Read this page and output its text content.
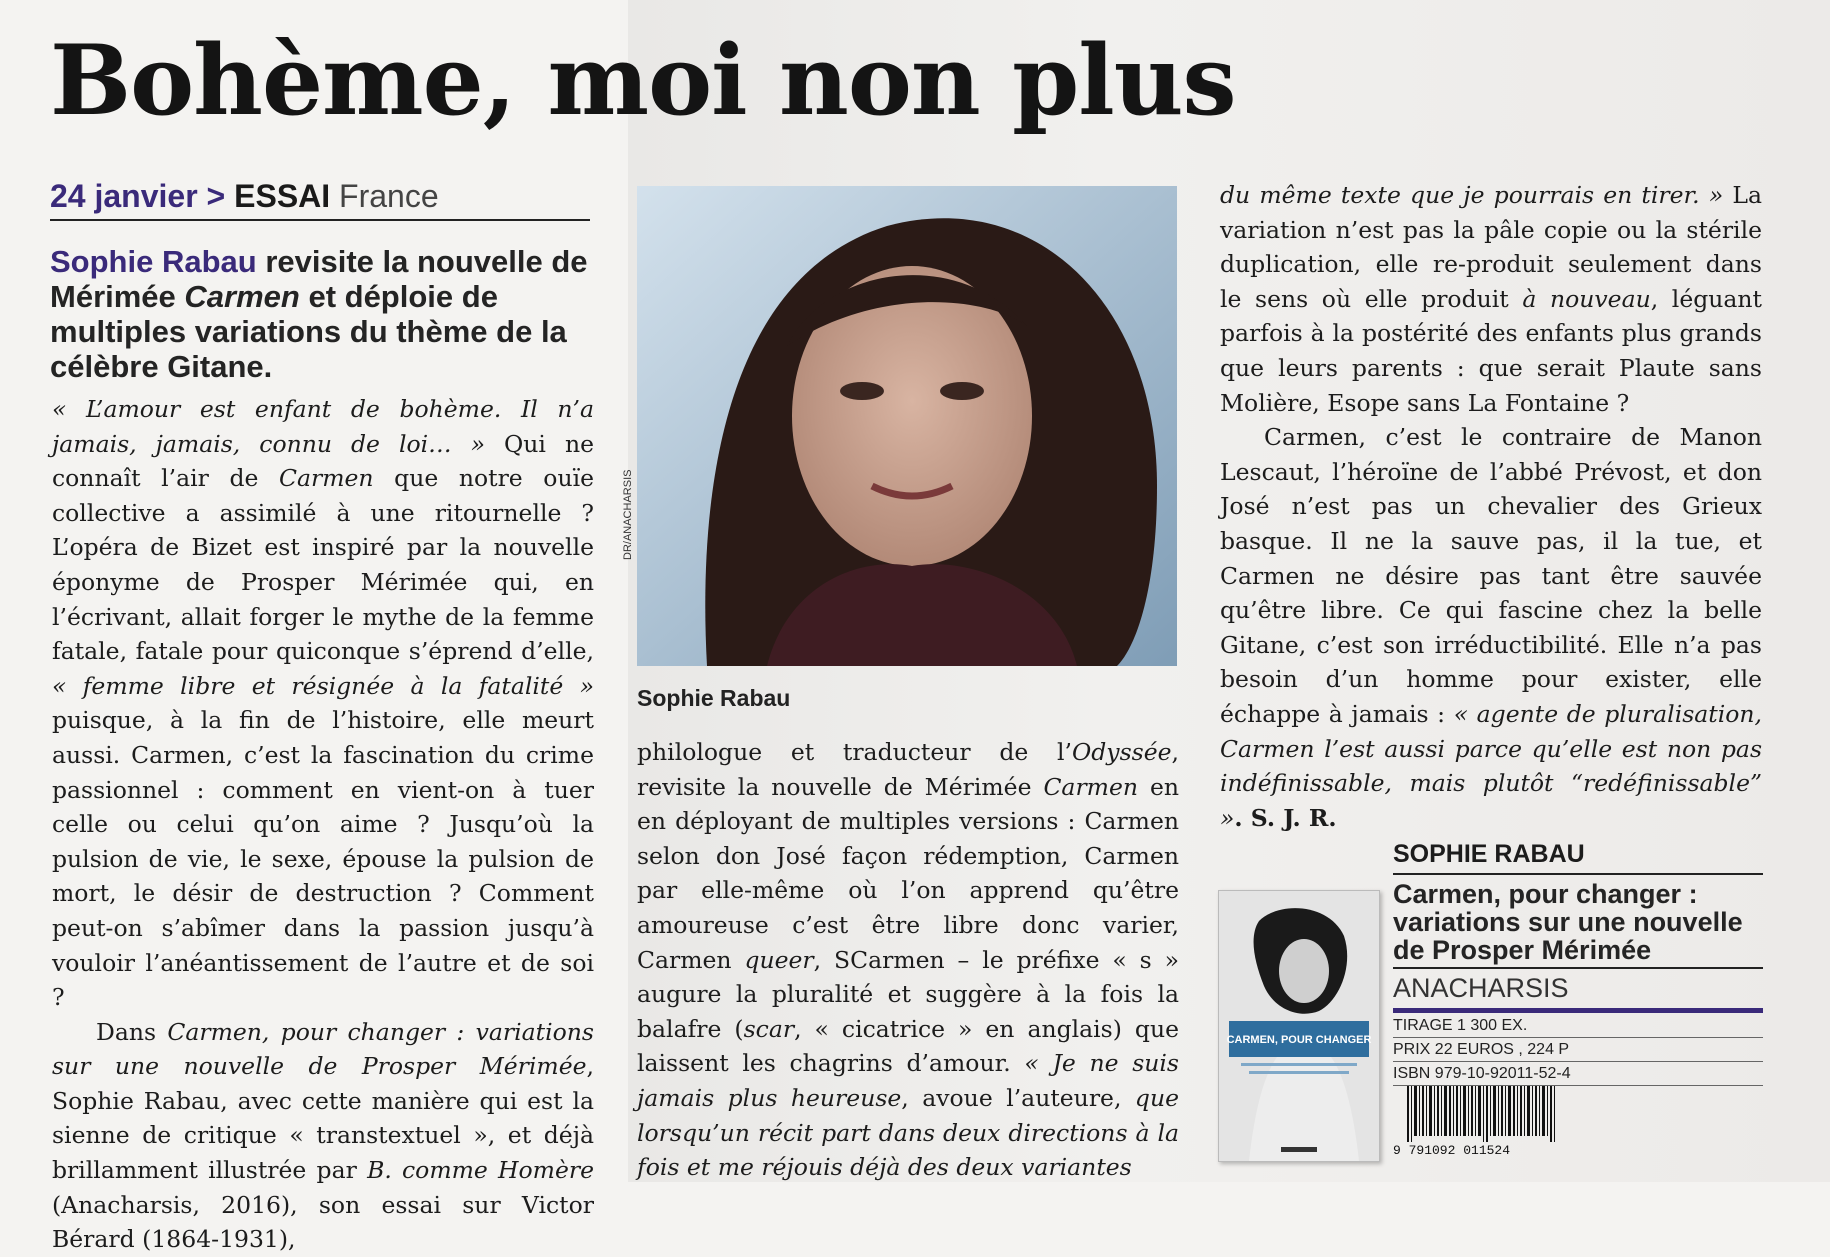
Bohème, moi non plus
24 janvier > ESSAI France
Sophie Rabau revisite la nouvelle de Mérimée Carmen et déploie de multiples variations du thème de la célèbre Gitane.

« L’amour est enfant de bohème. Il n’a jamais, jamais, connu de loi… » Qui ne connaît l’air de Carmen que notre ouïe collective a assimilé à une ritournelle ? L’opéra de Bizet est inspiré par la nouvelle éponyme de Prosper Mérimée qui, en l’écrivant, allait forger le mythe de la femme fatale, fatale pour quiconque s’éprend d’elle, « femme libre et résignée à la fatalité » puisque, à la fin de l’histoire, elle meurt aussi. Carmen, c’est la fascination du crime passionnel : comment en vient-on à tuer celle ou celui qu’on aime ? Jusqu’où la pulsion de vie, le sexe, épouse la pulsion de mort, le désir de destruction ? Comment peut-on s’abîmer dans la passion jusqu’à vouloir l’anéantissement de l’autre et de soi ?

Dans Carmen, pour changer : variations sur une nouvelle de Prosper Mérimée, Sophie Rabau, avec cette manière qui est la sienne de critique « transtextuel », et déjà brillamment illustrée par B. comme Homère (Anacharsis, 2016), son essai sur Victor Bérard (1864-1931),

DR/ANACHARSIS
Sophie Rabau

philologue et traducteur de l’Odyssée, revisite la nouvelle de Mérimée Carmen en en déployant de multiples versions : Carmen selon don José façon rédemption, Carmen par elle-même où l’on apprend qu’être amoureuse c’est être libre donc varier, Carmen queer, SCarmen – le préfixe « s » augure la pluralité et suggère à la fois la balafre (scar, « cicatrice » en anglais) que laissent les chagrins d’amour. « Je ne suis jamais plus heureuse, avoue l’auteure, que lorsqu’un récit part dans deux directions à la fois et me réjouis déjà des deux variantes

du même texte que je pourrais en tirer. » La variation n’est pas la pâle copie ou la stérile duplication, elle re-produit seulement dans le sens où elle produit à nouveau, léguant parfois à la postérité des enfants plus grands que leurs parents : que serait Plaute sans Molière, Esope sans La Fontaine ?

Carmen, c’est le contraire de Manon Lescaut, l’héroïne de l’abbé Prévost, et don José n’est pas un chevalier des Grieux basque. Il ne la sauve pas, il la tue, et Carmen ne désire pas tant être sauvée qu’être libre. Ce qui fascine chez la belle Gitane, c’est son irréductibilité. Elle n’a pas besoin d’un homme pour exister, elle échappe à jamais : « agente de pluralisation, Carmen l’est aussi parce qu’elle est non pas indéfinissable, mais plutôt “redéfinissable” ». S. J. R.

CARMEN, POUR CHANGER
SOPHIE RABAU
Carmen, pour changer : variations sur une nouvelle de Prosper Mérimée
ANACHARSIS
TIRAGE 1 300 EX.
PRIX 22 EUROS , 224 P
ISBN 979-10-92011-52-4
9 791092 011524
